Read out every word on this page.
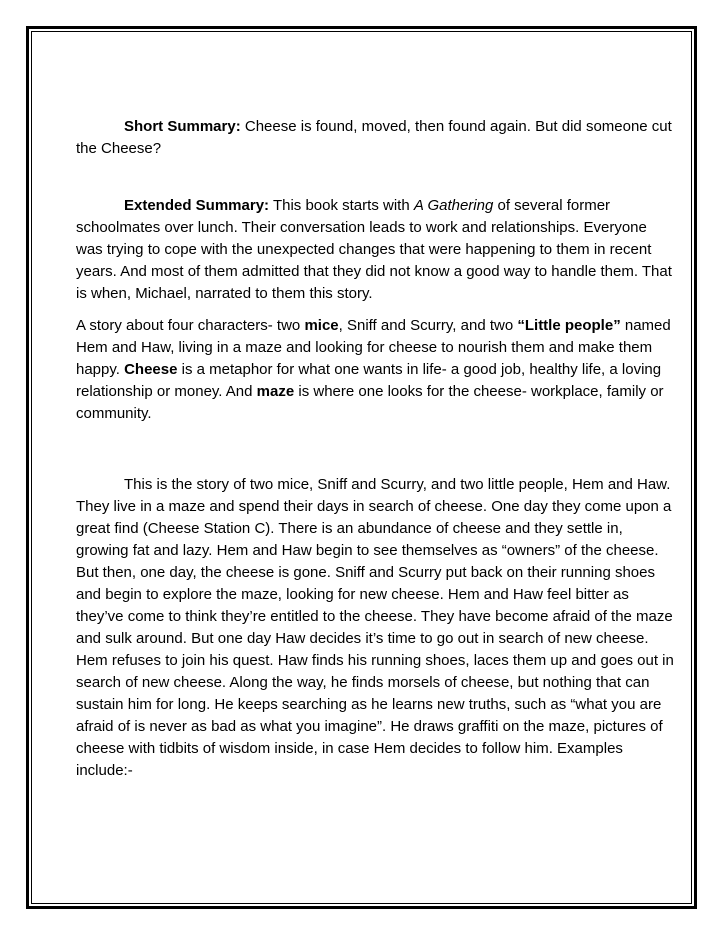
Short Summary: Cheese is found, moved, then found again. But did someone cut the Cheese?

Extended Summary: This book starts with A Gathering of several former schoolmates over lunch. Their conversation leads to work and relationships. Everyone was trying to cope with the unexpected changes that were happening to them in recent years. And most of them admitted that they did not know a good way to handle them. That is when, Michael, narrated to them this story.

A story about four characters- two mice, Sniff and Scurry, and two “Little people” named Hem and Haw, living in a maze and looking for cheese to nourish them and make them happy. Cheese is a metaphor for what one wants in life- a good job, healthy life, a loving relationship or money. And maze is where one looks for the cheese- workplace, family or community.

This is the story of two mice, Sniff and Scurry, and two little people, Hem and Haw. They live in a maze and spend their days in search of cheese. One day they come upon a great find (Cheese Station C). There is an abundance of cheese and they settle in, growing fat and lazy. Hem and Haw begin to see themselves as “owners” of the cheese. But then, one day, the cheese is gone. Sniff and Scurry put back on their running shoes and begin to explore the maze, looking for new cheese. Hem and Haw feel bitter as they’ve come to think they’re entitled to the cheese. They have become afraid of the maze and sulk around. But one day Haw decides it’s time to go out in search of new cheese. Hem refuses to join his quest. Haw finds his running shoes, laces them up and goes out in search of new cheese. Along the way, he finds morsels of cheese, but nothing that can sustain him for long. He keeps searching as he learns new truths, such as “what you are afraid of is never as bad as what you imagine”. He draws graffiti on the maze, pictures of cheese with tidbits of wisdom inside, in case Hem decides to follow him. Examples include:-
